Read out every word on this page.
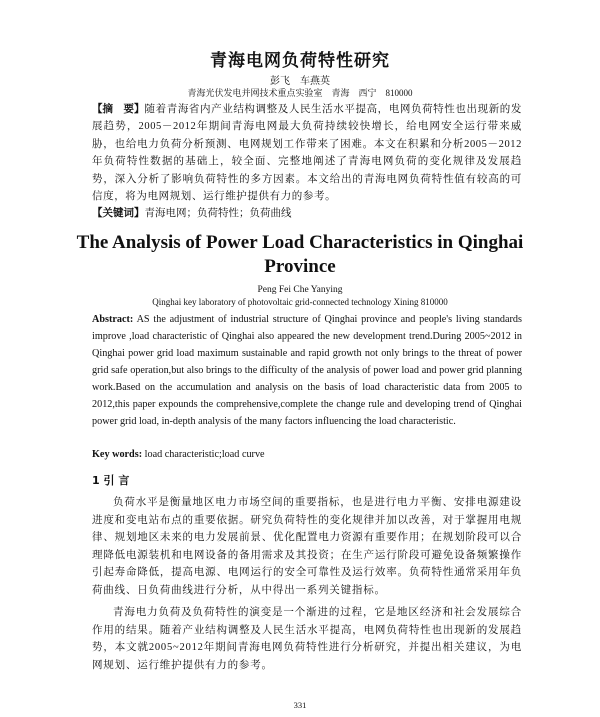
青海电网负荷特性研究
彭飞　车燕英
青海光伏发电并网技术重点实验室　青海　西宁　810000
【摘　要】随着青海省内产业结构调整及人民生活水平提高，电网负荷特性也出现新的发展趋势，2005－2012年期间青海电网最大负荷持续较快增长，给电网安全运行带来威胁，也给电力负荷分析预测、电网规划工作带来了困难。本文在积累和分析2005－2012年负荷特性数据的基础上，较全面、完整地阐述了青海电网负荷的变化规律及发展趋势，深入分析了影响负荷特性的多方因素。本文给出的青海电网负荷特性值有较高的可信度，将为电网规划、运行维护提供有力的参考。
【关键词】青海电网；负荷特性；负荷曲线
The Analysis of Power Load Characteristics in Qinghai Province
Peng Fei Che Yanying
Qinghai key laboratory of photovoltaic grid-connected technology Xining 810000
Abstract: AS the adjustment of industrial structure of Qinghai province and people's living standards improve ,load characteristic of Qinghai also appeared the new development trend.During 2005~2012 in Qinghai power grid load maximum sustainable and rapid growth not only brings to the threat of power grid safe operation,but also brings to the difficulty of the analysis of power load and power grid planning work.Based on the accumulation and analysis on the basis of load characteristic data from 2005 to 2012,this paper expounds the comprehensive,complete the change rule and developing trend of Qinghai power grid load, in-depth analysis of the many factors influencing the load characteristic.
Key words: load characteristic;load curve
1 引 言
负荷水平是衡量地区电力市场空间的重要指标，也是进行电力平衡、安排电源建设进度和变电站布点的重要依据。研究负荷特性的变化规律并加以改善，对于掌握用电规律、规划地区未来的电力发展前景、优化配置电力资源有重要作用；在规划阶段可以合理降低电源装机和电网设备的备用需求及其投资；在生产运行阶段可避免设备频繁操作引起寿命降低，提高电源、电网运行的安全可靠性及运行效率。负荷特性通常采用年负荷曲线、日负荷曲线进行分析，从中得出一系列关键指标。
青海电力负荷及负荷特性的演变是一个渐进的过程，它是地区经济和社会发展综合作用的结果。随着产业结构调整及人民生活水平提高，电网负荷特性也出现新的发展趋势，本文就2005~2012年期间青海电网负荷特性进行分析研究，并提出相关建议，为电网规划、运行维护提供有力的参考。
331
